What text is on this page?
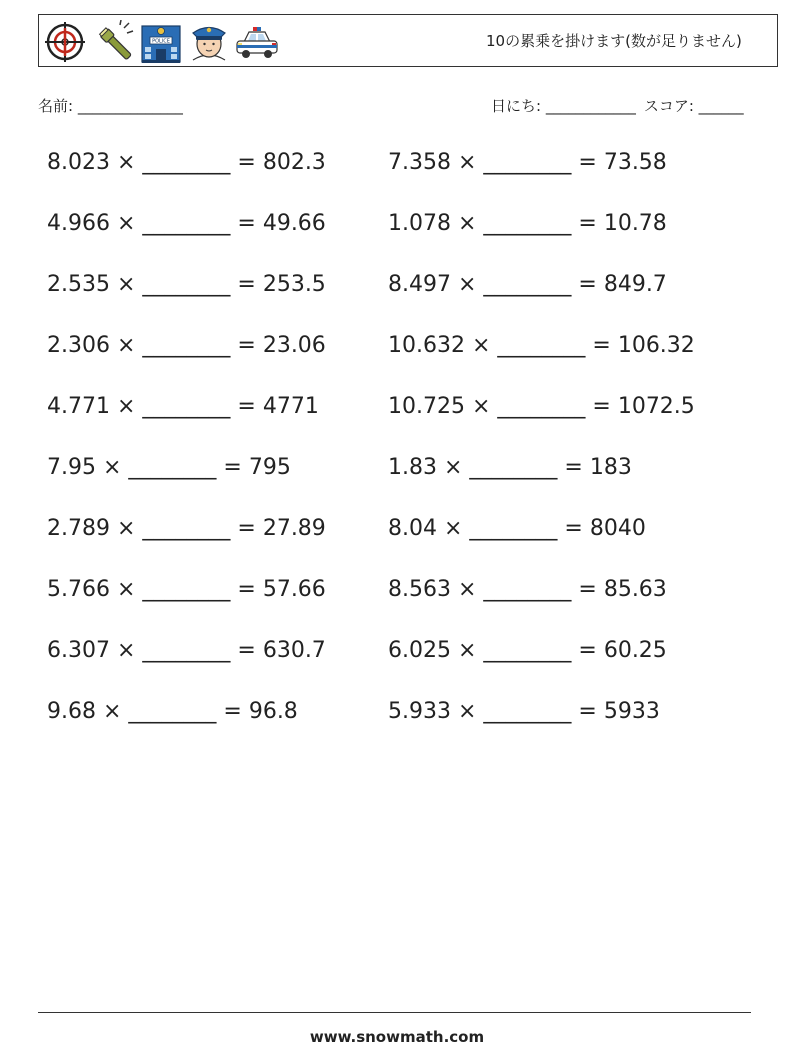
POLICE	10の累乗を掛けます(数が足りません)
名前: ______________	日にち: ____________ スコア: ______
8.023 × ________ = 802.3
4.966 × ________ = 49.66
2.535 × ________ = 253.5
2.306 × ________ = 23.06
4.771 × ________ = 4771
7.95 × ________ = 795
2.789 × ________ = 27.89
5.766 × ________ = 57.66
6.307 × ________ = 630.7
9.68 × ________ = 96.8
7.358 × ________ = 73.58
1.078 × ________ = 10.78
8.497 × ________ = 849.7
10.632 × ________ = 106.32
10.725 × ________ = 1072.5
1.83 × ________ = 183
8.04 × ________ = 8040
8.563 × ________ = 85.63
6.025 × ________ = 60.25
5.933 × ________ = 5933
www.snowmath.com
